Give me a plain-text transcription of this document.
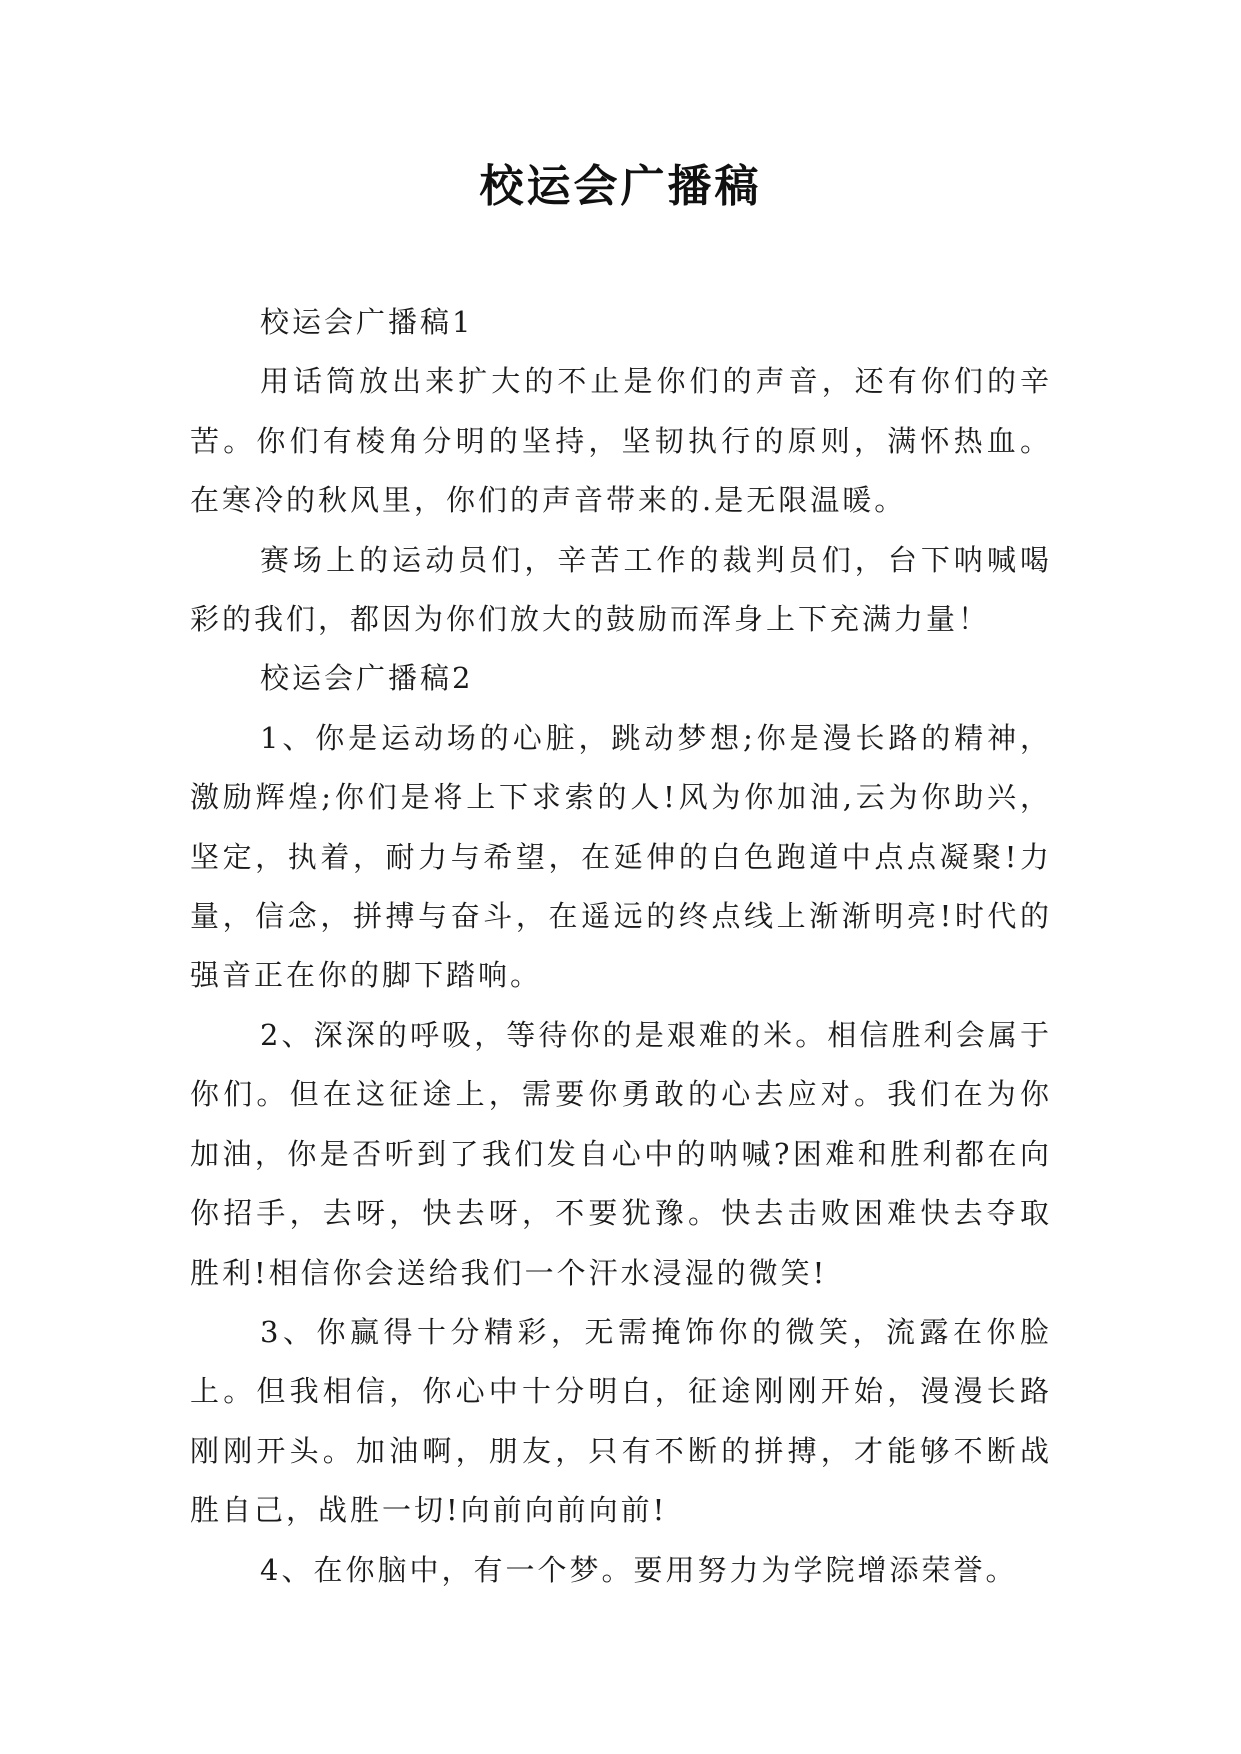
校运会广播稿

校运会广播稿1

用话筒放出来扩大的不止是你们的声音，还有你们的辛苦。你们有棱角分明的坚持，坚韧执行的原则，满怀热血。在寒冷的秋风里，你们的声音带来的.是无限温暖。

赛场上的运动员们，辛苦工作的裁判员们，台下呐喊喝彩的我们，都因为你们放大的鼓励而浑身上下充满力量！

校运会广播稿2

1、你是运动场的心脏，跳动梦想;你是漫长路的精神，激励辉煌;你们是将上下求索的人!风为你加油,云为你助兴，坚定，执着，耐力与希望，在延伸的白色跑道中点点凝聚!力量，信念，拼搏与奋斗，在遥远的终点线上渐渐明亮!时代的强音正在你的脚下踏响。

2、深深的呼吸，等待你的是艰难的米。相信胜利会属于你们。但在这征途上，需要你勇敢的心去应对。我们在为你加油，你是否听到了我们发自心中的呐喊?困难和胜利都在向你招手，去呀，快去呀，不要犹豫。快去击败困难快去夺取胜利!相信你会送给我们一个汗水浸湿的微笑!

3、你赢得十分精彩，无需掩饰你的微笑，流露在你脸上。但我相信，你心中十分明白，征途刚刚开始，漫漫长路刚刚开头。加油啊，朋友，只有不断的拼搏，才能够不断战胜自己，战胜一切!向前向前向前!

4、在你脑中，有一个梦。要用努力为学院增添荣誉。
